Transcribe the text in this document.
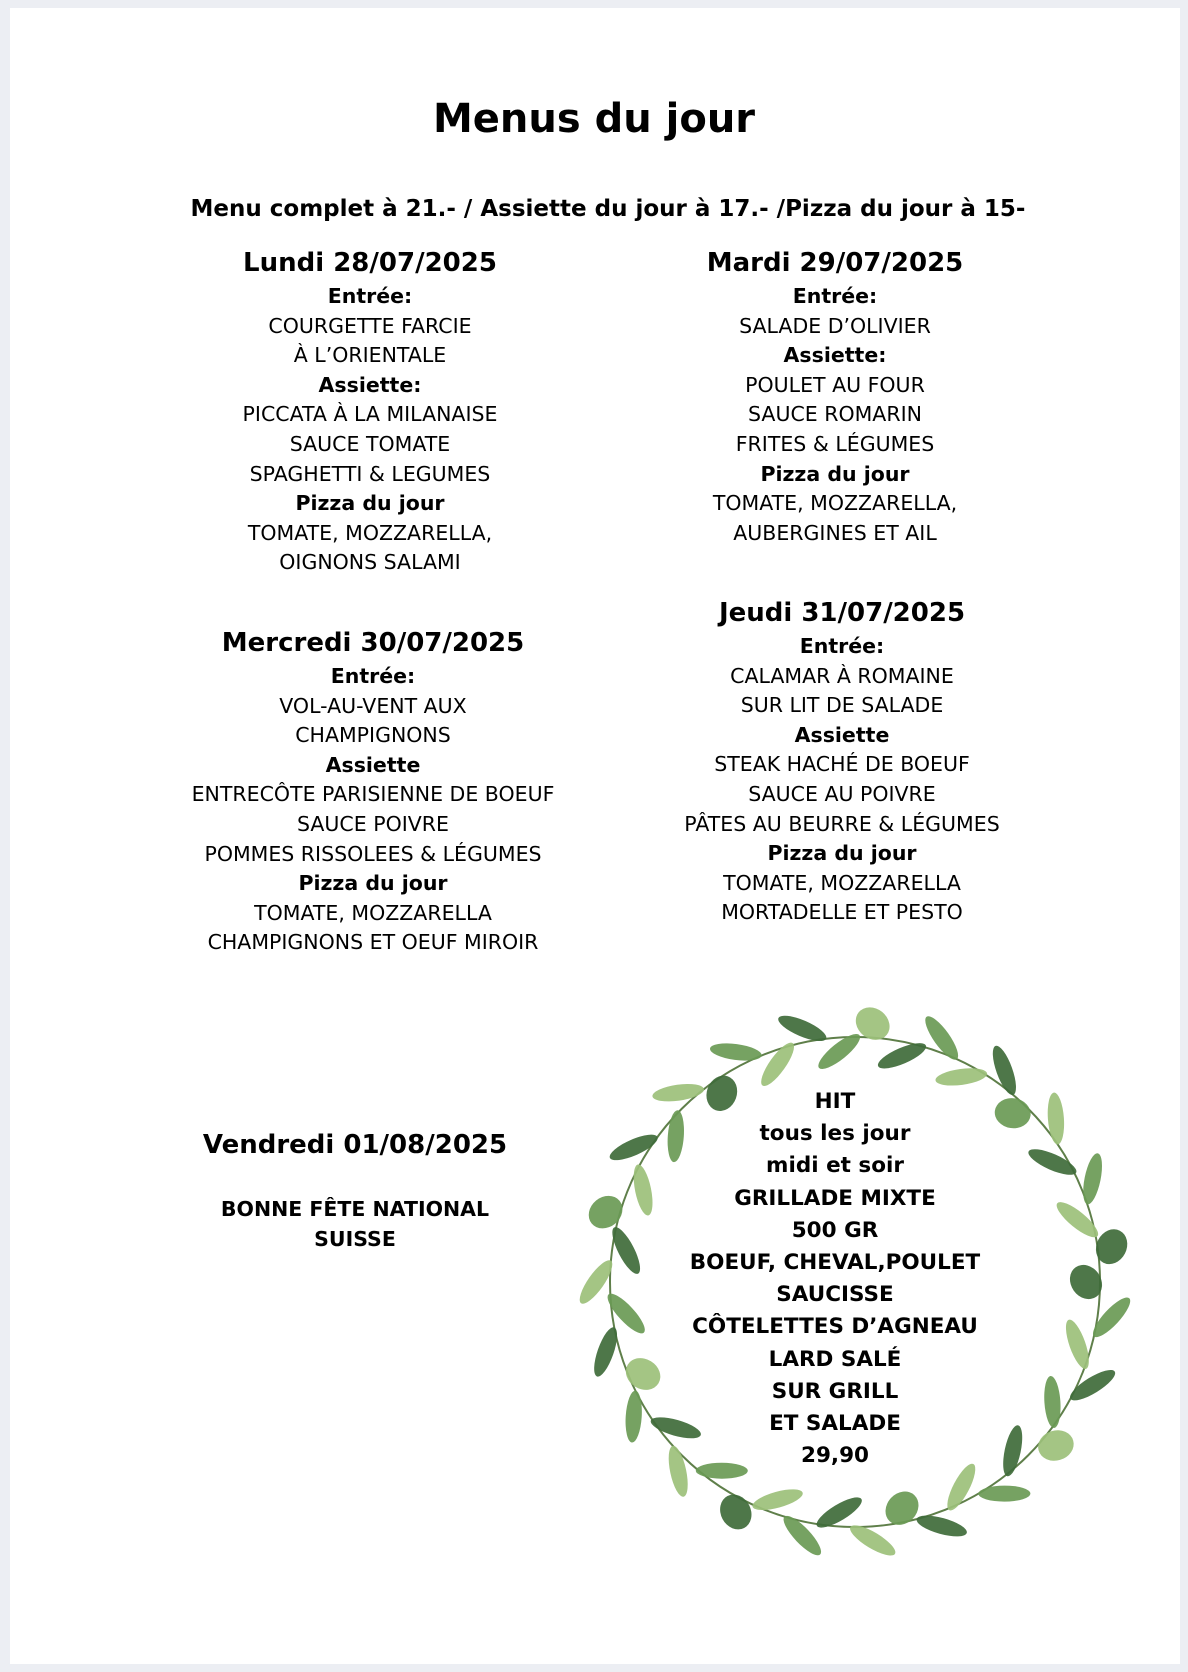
Menus du jour
Menu complet à 21.- / Assiette du jour à 17.- /Pizza du jour à 15-
Lundi 28/07/2025
Entrée:
COURGETTE FARCIE
À L’ORIENTALE
Assiette:
PICCATA À LA MILANAISE
SAUCE TOMATE
SPAGHETTI & LEGUMES
Pizza du jour
TOMATE, MOZZARELLA,
OIGNONS SALAMI
Mardi 29/07/2025
Entrée:
SALADE D’OLIVIER
Assiette:
POULET AU FOUR
SAUCE ROMARIN
FRITES & LÉGUMES
Pizza du jour
TOMATE, MOZZARELLA,
AUBERGINES ET AIL
Mercredi 30/07/2025
Entrée:
VOL-AU-VENT AUX
CHAMPIGNONS
Assiette
ENTRECÔTE PARISIENNE DE BOEUF
SAUCE POIVRE
POMMES RISSOLEES & LÉGUMES
Pizza du jour
TOMATE, MOZZARELLA
CHAMPIGNONS ET OEUF MIROIR
Jeudi 31/07/2025
Entrée:
CALAMAR À ROMAINE
SUR LIT DE SALADE
Assiette
STEAK HACHÉ DE BOEUF
SAUCE AU POIVRE
PÂTES AU BEURRE & LÉGUMES
Pizza du jour
TOMATE, MOZZARELLA
MORTADELLE ET PESTO
Vendredi 01/08/2025
BONNE FÊTE NATIONAL
SUISSE
HIT
tous les jour
midi et soir
GRILLADE MIXTE
500 GR
BOEUF, CHEVAL,POULET
SAUCISSE
CÔTELETTES D’AGNEAU
LARD SALÉ
SUR GRILL
ET SALADE
29,90
